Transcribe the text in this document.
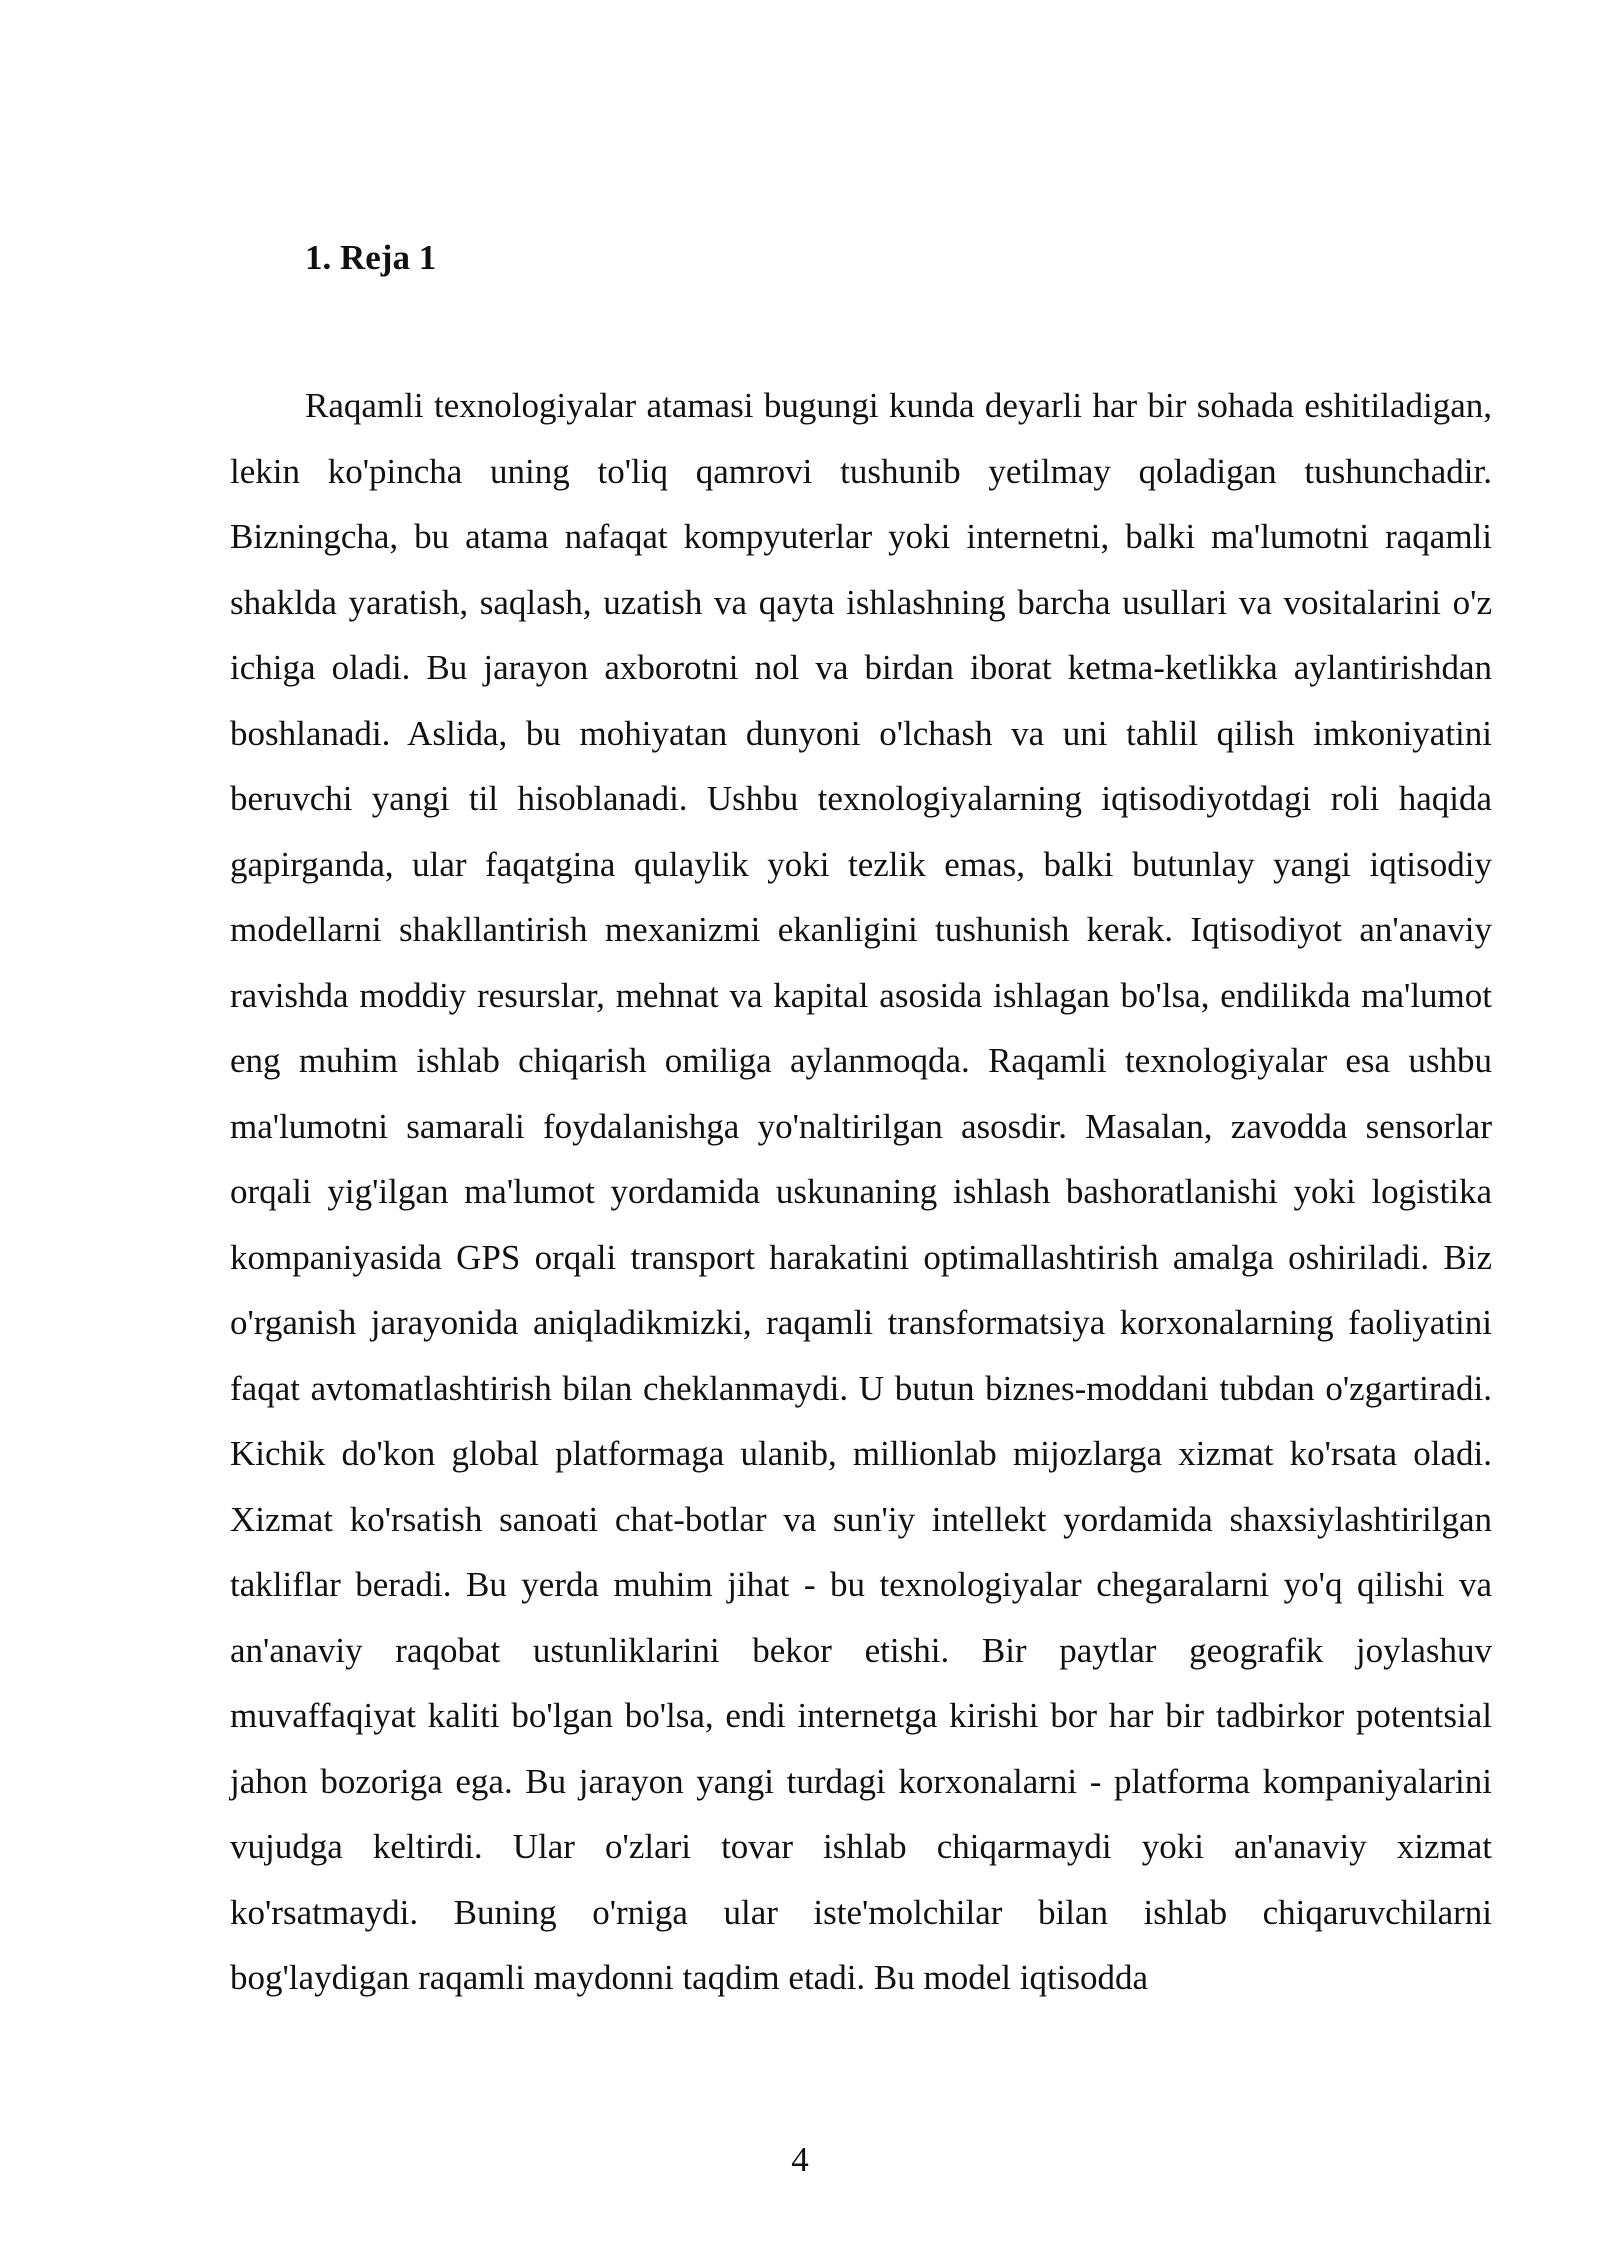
1. Reja 1

Raqamli texnologiyalar atamasi bugungi kunda deyarli har bir sohada eshitiladigan, lekin ko'pincha uning to'liq qamrovi tushunib yetilmay qoladigan tushunchadir. Bizningcha, bu atama nafaqat kompyuterlar yoki internetni, balki ma'lumotni raqamli shaklda yaratish, saqlash, uzatish va qayta ishlashning barcha usullari va vositalarini o'z ichiga oladi. Bu jarayon axborotni nol va birdan iborat ketma-ketlikka aylantirishdan boshlanadi. Aslida, bu mohiyatan dunyoni o'lchash va uni tahlil qilish imkoniyatini beruvchi yangi til hisoblanadi. Ushbu texnologiyalarning iqtisodiyotdagi roli haqida gapirganda, ular faqatgina qulaylik yoki tezlik emas, balki butunlay yangi iqtisodiy modellarni shakllantirish mexanizmi ekanligini tushunish kerak. Iqtisodiyot an'anaviy ravishda moddiy resurslar, mehnat va kapital asosida ishlagan bo'lsa, endilikda ma'lumot eng muhim ishlab chiqarish omiliga aylanmoqda. Raqamli texnologiyalar esa ushbu ma'lumotni samarali foydalanishga yo'naltirilgan asosdir. Masalan, zavodda sensorlar orqali yig'ilgan ma'lumot yordamida uskunaning ishlash bashoratlanishi yoki logistika kompaniyasida GPS orqali transport harakatini optimallashtirish amalga oshiriladi. Biz o'rganish jarayonida aniqladikmizki, raqamli transformatsiya korxonalarning faoliyatini faqat avtomatlashtirish bilan cheklanmaydi. U butun biznes-moddani tubdan o'zgartiradi. Kichik do'kon global platformaga ulanib, millionlab mijozlarga xizmat ko'rsata oladi. Xizmat ko'rsatish sanoati chat-botlar va sun'iy intellekt yordamida shaxsiylashtirilgan takliflar beradi. Bu yerda muhim jihat - bu texnologiyalar chegaralarni yo'q qilishi va an'anaviy raqobat ustunliklarini bekor etishi. Bir paytlar geografik joylashuv muvaffaqiyat kaliti bo'lgan bo'lsa, endi internetga kirishi bor har bir tadbirkor potentsial jahon bozoriga ega. Bu jarayon yangi turdagi korxonalarni - platforma kompaniyalarini vujudga keltirdi. Ular o'zlari tovar ishlab chiqarmaydi yoki an'anaviy xizmat ko'rsatmaydi. Buning o'rniga ular iste'molchilar bilan ishlab chiqaruvchilarni bog'laydigan raqamli maydonni taqdim etadi. Bu model iqtisodda

4
